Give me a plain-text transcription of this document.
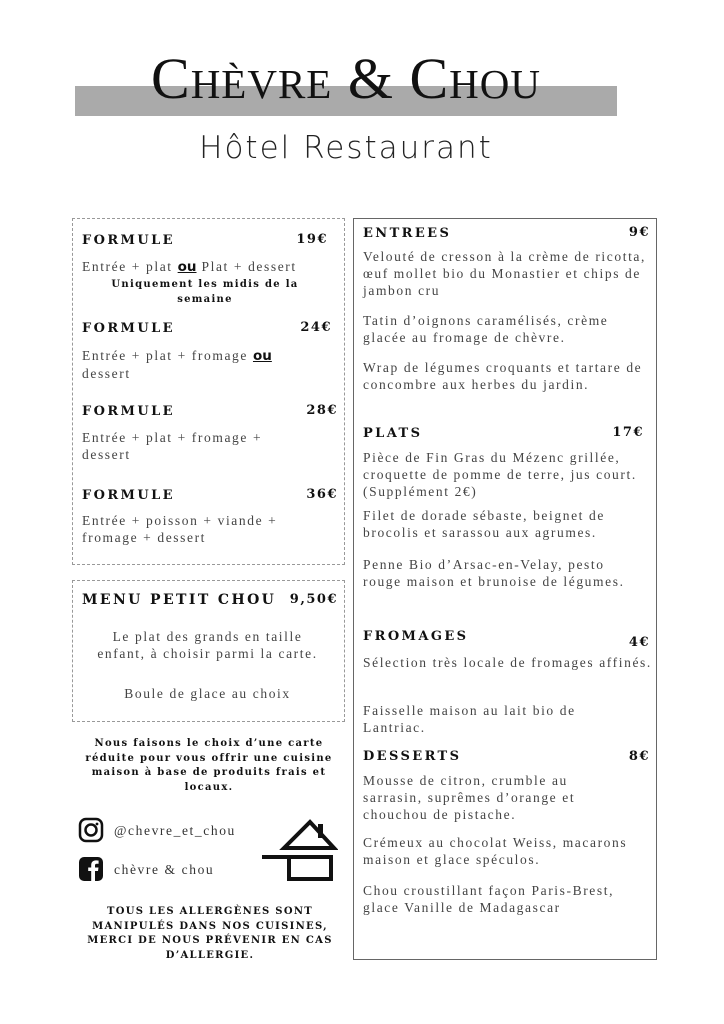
Chèvre & Chou
Hôtel Restaurant
FORMULE	19€
Entrée + plat ou Plat + dessert
Uniquement les midis de la semaine
FORMULE	24€
Entrée + plat + fromage ou dessert
FORMULE	28€
Entrée + plat + fromage + dessert
FORMULE	36€
Entrée + poisson + viande + fromage + dessert
MENU PETIT CHOU	9,50€
Le plat des grands en taille enfant, à choisir parmi la carte.
Boule de glace au choix
Nous faisons le choix d’une carte réduite pour vous offrir une cuisine maison à base de produits frais et locaux.
@chevre_et_chou
chèvre & chou
TOUS LES ALLERGÈNES SONT MANIPULÉS DANS NOS CUISINES, MERCI DE NOUS PRÉVENIR EN CAS D’ALLERGIE.
ENTREES	9€
Velouté de cresson à la crème de ricotta, œuf mollet bio du Monastier et chips de jambon cru
Tatin d’oignons caramélisés, crème glacée au fromage de chèvre.
Wrap de légumes croquants et tartare de concombre aux herbes du jardin.
PLATS	17€
Pièce de Fin Gras du Mézenc grillée, croquette de pomme de terre, jus court. (Supplément 2€)
Filet de dorade sébaste, beignet de brocolis et sarassou aux agrumes.
Penne Bio d’Arsac-en-Velay, pesto rouge maison et brunoise de légumes.
FROMAGES	4€
Sélection très locale de fromages affinés.
Faisselle maison au lait bio de Lantriac.
DESSERTS	8€
Mousse de citron, crumble au sarrasin, suprêmes d’orange et chouchou de pistache.
Crémeux au chocolat Weiss, macarons maison et glace spéculos.
Chou croustillant façon Paris-Brest, glace Vanille de Madagascar
